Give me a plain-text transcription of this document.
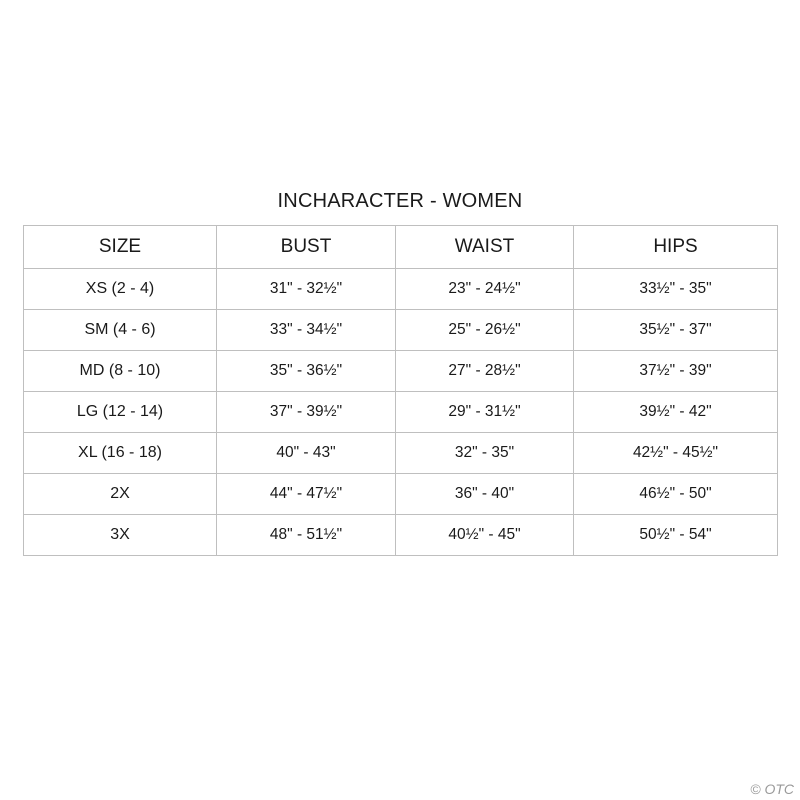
INCHARACTER - WOMEN
SIZE	BUST	WAIST	HIPS
XS (2 - 4)	31" - 32½"	23" - 24½"	33½" - 35"
SM (4 - 6)	33" - 34½"	25" - 26½"	35½" - 37"
MD (8 - 10)	35" - 36½"	27" - 28½"	37½" - 39"
LG (12 - 14)	37" - 39½"	29" - 31½"	39½" - 42"
XL (16 - 18)	40" - 43"	32" - 35"	42½" - 45½"
2X	44" - 47½"	36" - 40"	46½" - 50"
3X	48" - 51½"	40½" - 45"	50½" - 54"
© OTC
